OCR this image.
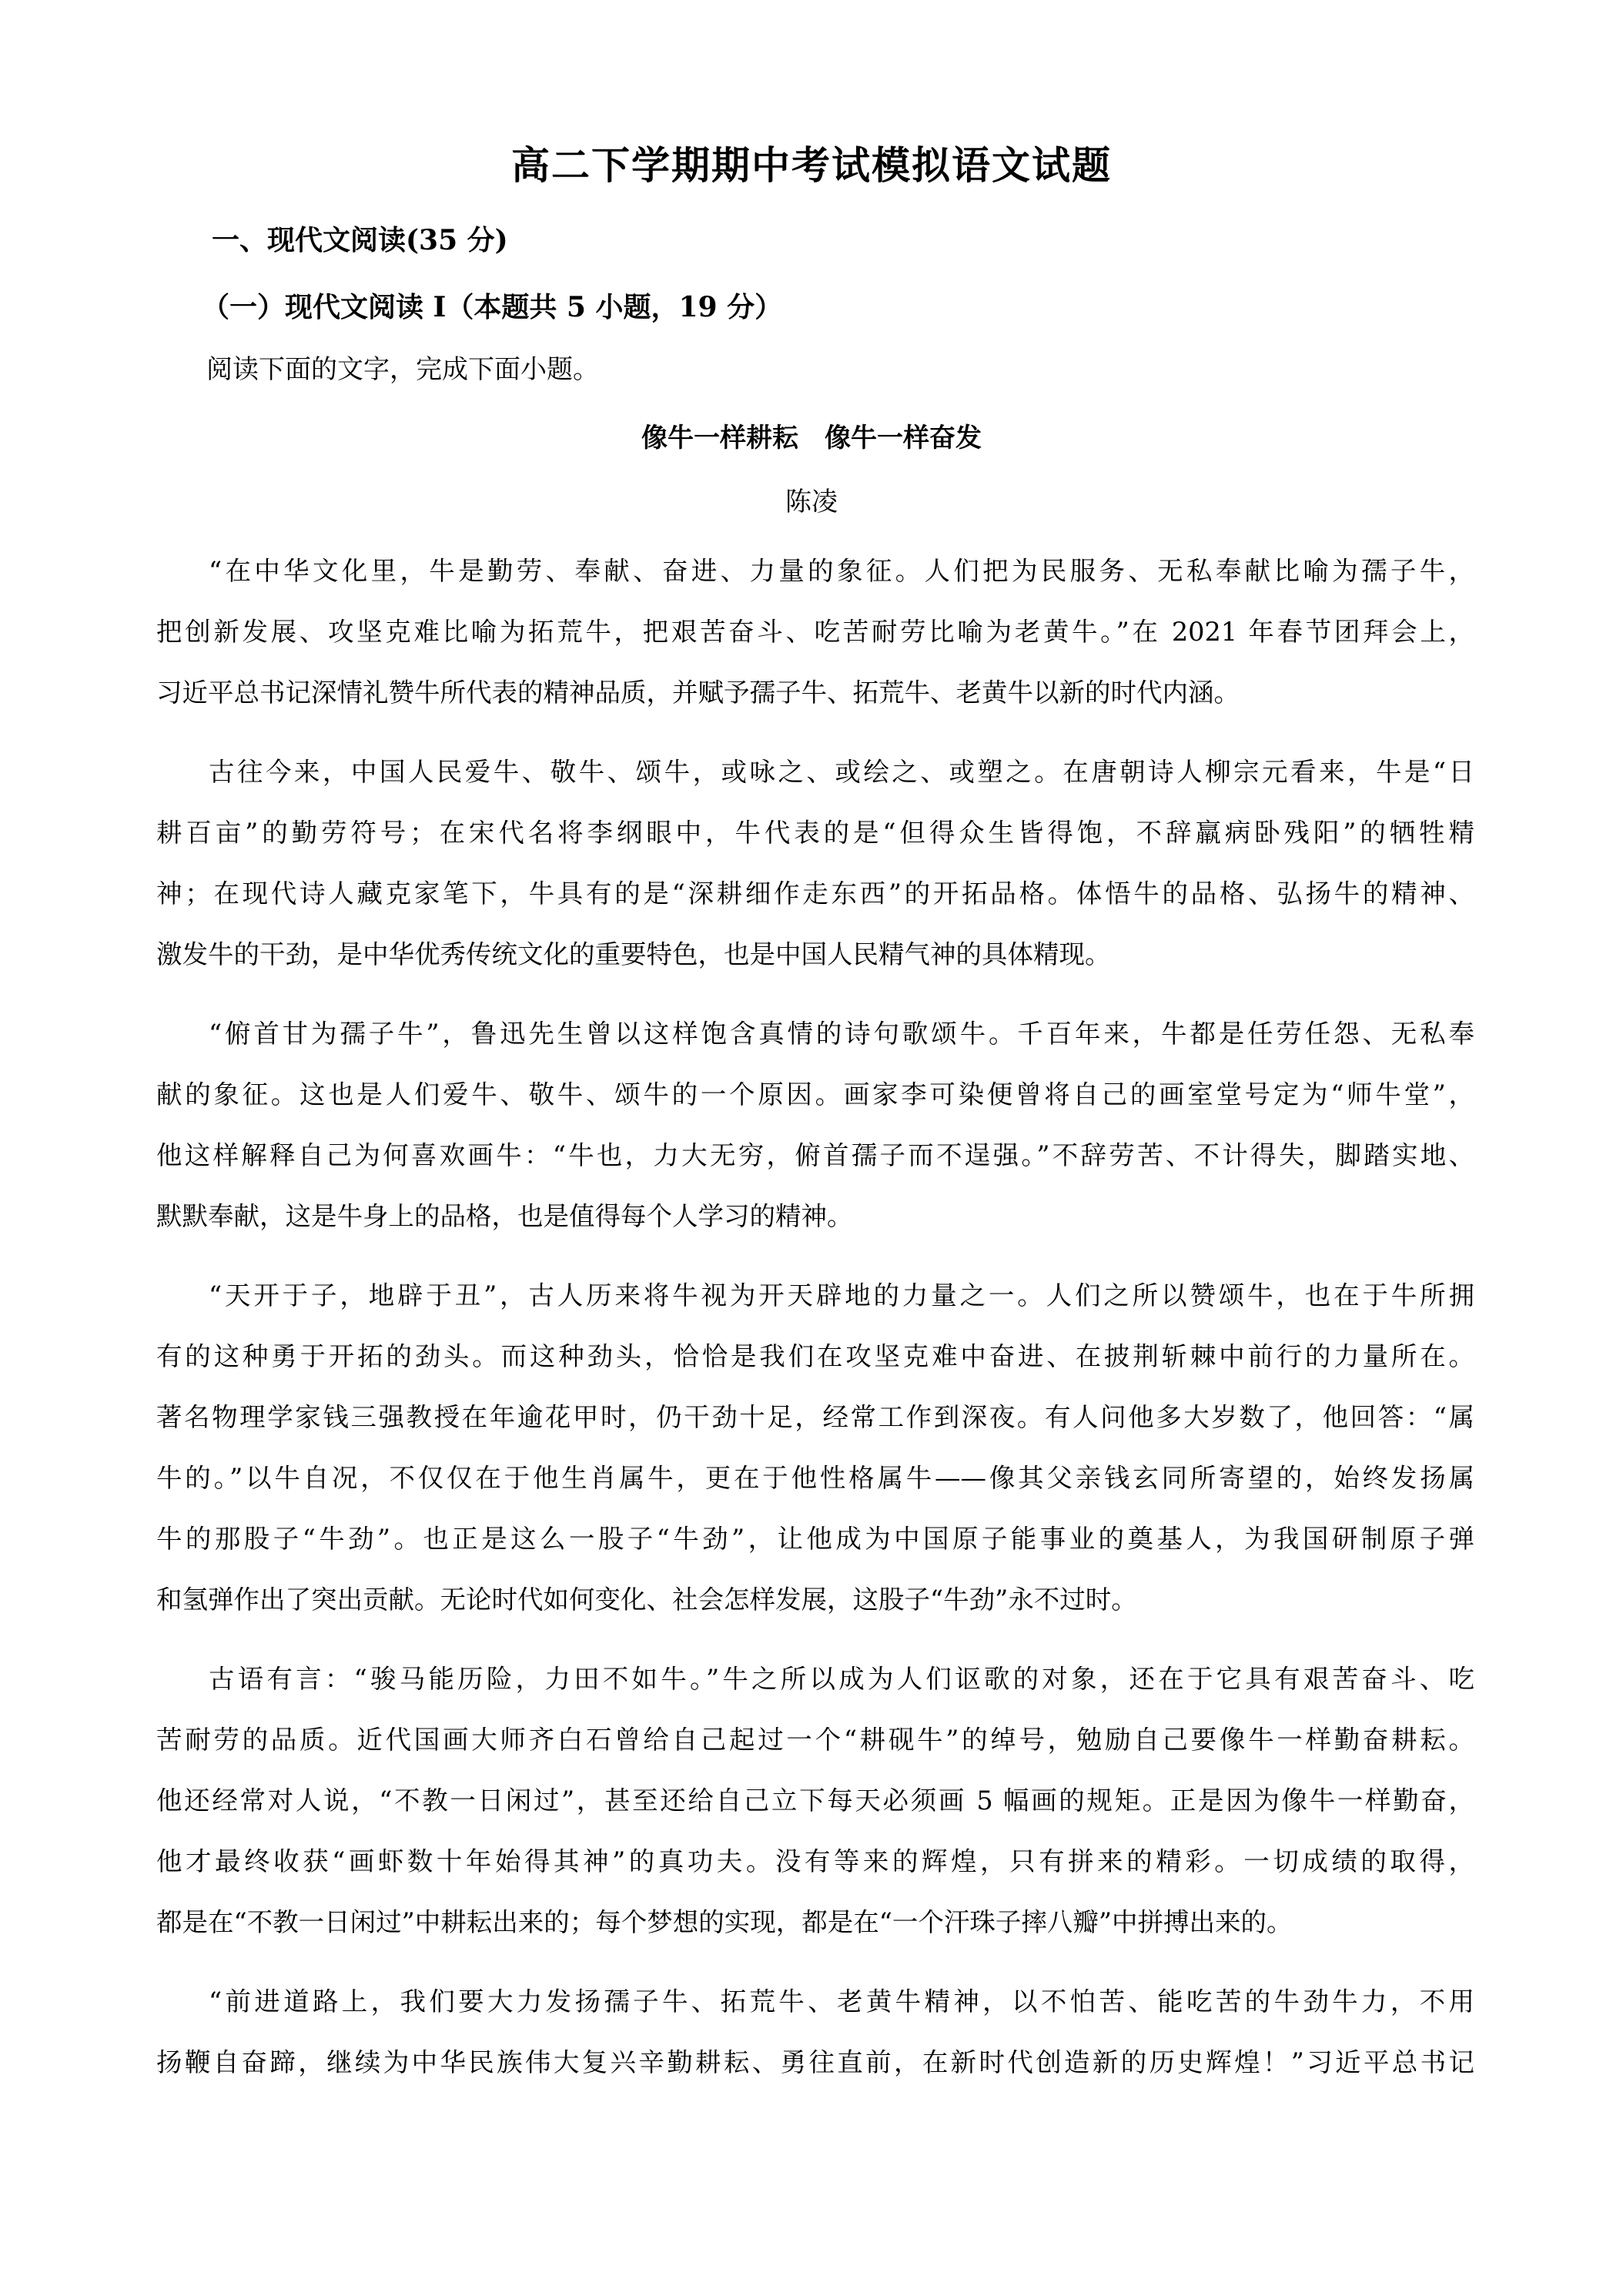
高二下学期期中考试模拟语文试题
一、现代文阅读(35 分)
（一）现代文阅读 I（本题共 5 小题，19 分）
阅读下面的文字，完成下面小题。
像牛一样耕耘　像牛一样奋发
陈凌
“在中华文化里，牛是勤劳、奉献、奋进、力量的象征。人们把为民服务、无私奉献比喻为孺子牛，
把创新发展、攻坚克难比喻为拓荒牛，把艰苦奋斗、吃苦耐劳比喻为老黄牛。”在 2021 年春节团拜会上，
习近平总书记深情礼赞牛所代表的精神品质，并赋予孺子牛、拓荒牛、老黄牛以新的时代内涵。
古往今来，中国人民爱牛、敬牛、颂牛，或咏之、或绘之、或塑之。在唐朝诗人柳宗元看来，牛是“日
耕百亩”的勤劳符号；在宋代名将李纲眼中，牛代表的是“但得众生皆得饱，不辞羸病卧残阳”的牺牲精
神；在现代诗人藏克家笔下，牛具有的是“深耕细作走东西”的开拓品格。体悟牛的品格、弘扬牛的精神、
激发牛的干劲，是中华优秀传统文化的重要特色，也是中国人民精气神的具体精现。
“俯首甘为孺子牛”，鲁迅先生曾以这样饱含真情的诗句歌颂牛。千百年来，牛都是任劳任怨、无私奉
献的象征。这也是人们爱牛、敬牛、颂牛的一个原因。画家李可染便曾将自己的画室堂号定为“师牛堂”，
他这样解释自己为何喜欢画牛：“牛也，力大无穷，俯首孺子而不逞强。”不辞劳苦、不计得失，脚踏实地、
默默奉献，这是牛身上的品格，也是值得每个人学习的精神。
“天开于子，地辟于丑”，古人历来将牛视为开天辟地的力量之一。人们之所以赞颂牛，也在于牛所拥
有的这种勇于开拓的劲头。而这种劲头，恰恰是我们在攻坚克难中奋进、在披荆斩棘中前行的力量所在。
著名物理学家钱三强教授在年逾花甲时，仍干劲十足，经常工作到深夜。有人问他多大岁数了，他回答：“属
牛的。”以牛自况，不仅仅在于他生肖属牛，更在于他性格属牛——像其父亲钱玄同所寄望的，始终发扬属
牛的那股子“牛劲”。也正是这么一股子“牛劲”，让他成为中国原子能事业的奠基人，为我国研制原子弹
和氢弹作出了突出贡献。无论时代如何变化、社会怎样发展，这股子“牛劲”永不过时。
古语有言：“骏马能历险，力田不如牛。”牛之所以成为人们讴歌的对象，还在于它具有艰苦奋斗、吃
苦耐劳的品质。近代国画大师齐白石曾给自己起过一个“耕砚牛”的绰号，勉励自己要像牛一样勤奋耕耘。
他还经常对人说，“不教一日闲过”，甚至还给自己立下每天必须画 5 幅画的规矩。正是因为像牛一样勤奋，
他才最终收获“画虾数十年始得其神”的真功夫。没有等来的辉煌，只有拼来的精彩。一切成绩的取得，
都是在“不教一日闲过”中耕耘出来的；每个梦想的实现，都是在“一个汗珠子摔八瓣”中拼搏出来的。
“前进道路上，我们要大力发扬孺子牛、拓荒牛、老黄牛精神，以不怕苦、能吃苦的牛劲牛力，不用
扬鞭自奋蹄，继续为中华民族伟大复兴辛勤耕耘、勇往直前，在新时代创造新的历史辉煌！”习近平总书记
